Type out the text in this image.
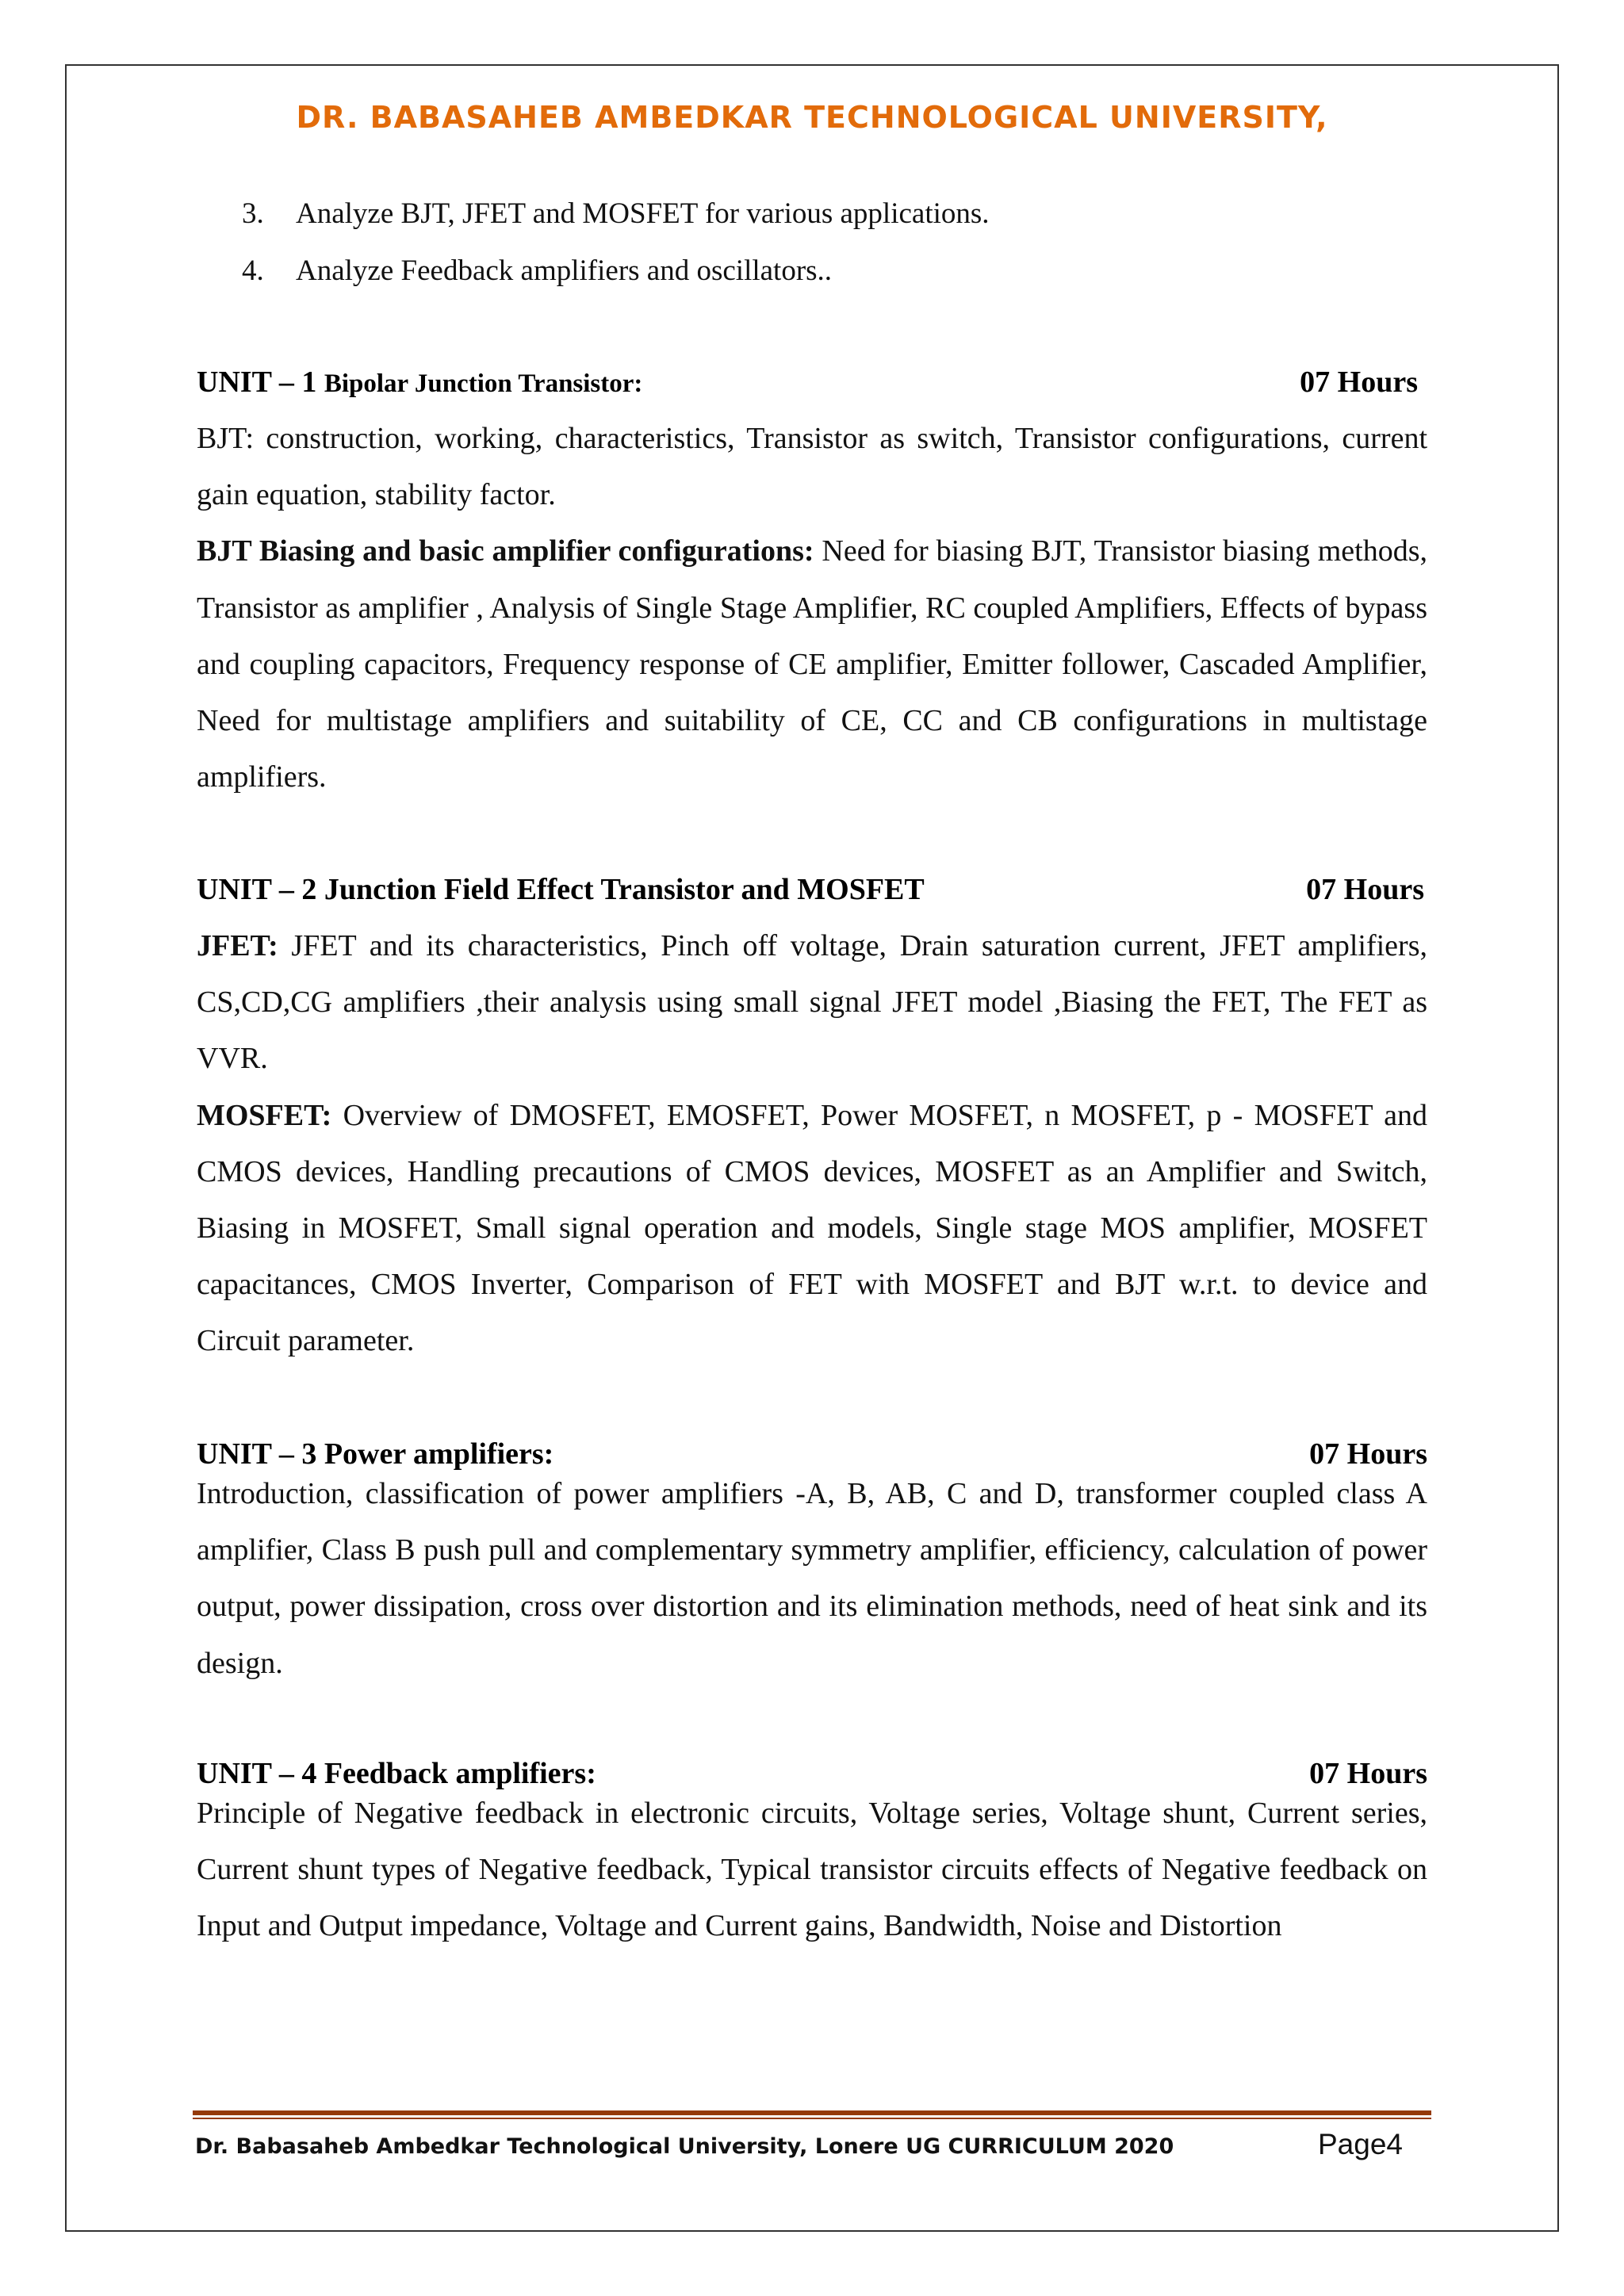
DR. BABASAHEB AMBEDKAR TECHNOLOGICAL UNIVERSITY,
3. Analyze BJT, JFET and MOSFET for various applications.
4. Analyze Feedback amplifiers and oscillators..
UNIT – 1 Bipolar Junction Transistor:	07 Hours

BJT: construction, working, characteristics, Transistor as switch, Transistor configurations, current gain equation, stability factor.

BJT Biasing and basic amplifier configurations: Need for biasing BJT, Transistor biasing methods, Transistor as amplifier , Analysis of Single Stage Amplifier, RC coupled Amplifiers, Effects of bypass and coupling capacitors, Frequency response of CE amplifier, Emitter follower, Cascaded Amplifier, Need for multistage amplifiers and suitability of CE, CC and CB configurations in multistage amplifiers.

UNIT – 2 Junction Field Effect Transistor and MOSFET	07 Hours

JFET: JFET and its characteristics, Pinch off voltage, Drain saturation current, JFET amplifiers, CS,CD,CG amplifiers ,their analysis using small signal JFET model ,Biasing the FET, The FET as VVR.

MOSFET: Overview of DMOSFET, EMOSFET, Power MOSFET, n MOSFET, p - MOSFET and CMOS devices, Handling precautions of CMOS devices, MOSFET as an Amplifier and Switch, Biasing in MOSFET, Small signal operation and models, Single stage MOS amplifier, MOSFET capacitances, CMOS Inverter, Comparison of FET with MOSFET and BJT w.r.t. to device and Circuit parameter.

UNIT – 3 Power amplifiers:	07 Hours

Introduction, classification of power amplifiers -A, B, AB, C and D, transformer coupled class A amplifier, Class B push pull and complementary symmetry amplifier, efficiency, calculation of power output, power dissipation, cross over distortion and its elimination methods, need of heat sink and its design.

UNIT – 4 Feedback amplifiers:	07 Hours

Principle of Negative feedback in electronic circuits, Voltage series, Voltage shunt, Current series, Current shunt types of Negative feedback, Typical transistor circuits effects of Negative feedback on Input and Output impedance, Voltage and Current gains, Bandwidth, Noise and Distortion

Dr. Babasaheb Ambedkar Technological University, Lonere UG CURRICULUM 2020	Page4
